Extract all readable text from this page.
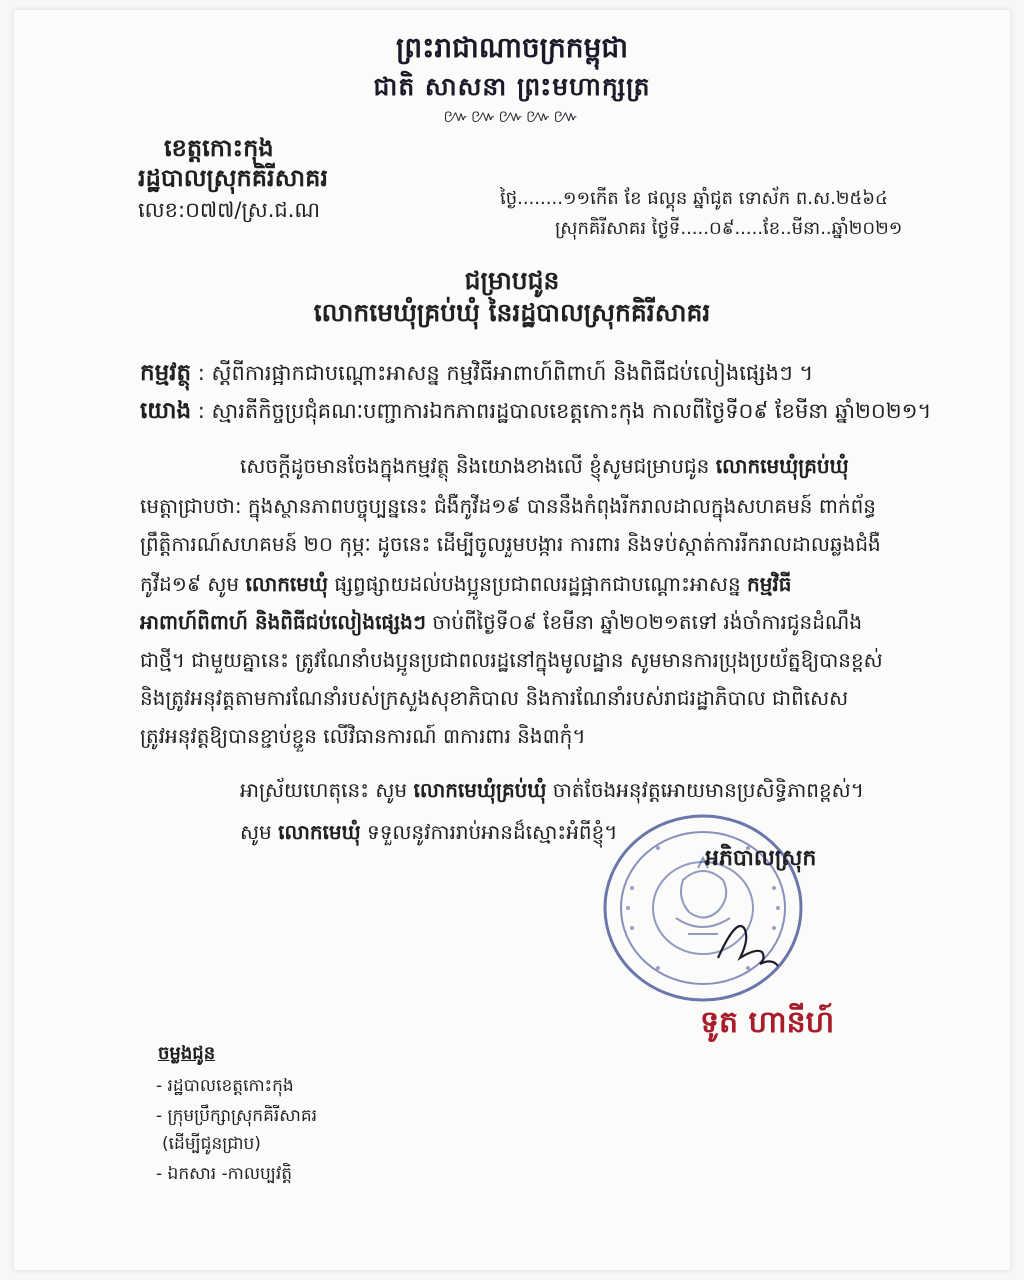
ព្រះរាជាណាចក្រកម្ពុជា
ជាតិ សាសនា ព្រះមហាក្សត្រ
៚៚៚៚៚
ខេត្តកោះកុង
រដ្ឋបាលស្រុកគិរីសាគរ
លេខ:០៧៧/ស្រ.ជ.ណ	ថ្ងៃ........១១កេីត ខែ ផល្គុន ឆ្នាំជូត ទោស័ក ព.ស.២៥៦៤
ស្រុកគិរីសាគរ ថ្ងៃទី.....០៩.....ខែ..មីនា..ឆ្នាំ២០២១
ជម្រាបជូន
លោកមេឃុំគ្រប់ឃុំ នៃរដ្ឋបាលស្រុកគិរីសាគរ
កម្មវត្ថុ : ស្តីពីការផ្អាកជាបណ្តោះអាសន្ន កម្មវិធីអាពាហ៍ពិពាហ៍ និងពិធីជប់លៀងផ្សេងៗ ។
យោង : ស្មារតីកិច្ចប្រជុំគណៈបញ្ជាការឯកភាពរដ្ឋបាលខេត្តកោះកុង កាលពីថ្ងៃទី០៩ ខែមីនា ឆ្នាំ២០២១។
សេចក្តីដូចមានចែងក្នុងកម្មវត្ថុ និងយោងខាងលើ ខ្ញុំសូមជម្រាបជូន លោកមេឃុំគ្រប់ឃុំ
មេត្តាជ្រាបថា: ក្នុងស្ថានភាពបច្ចុប្បន្ននេះ ជំងឺកូវីដ១៩ បាននឹងកំពុងរីករាលដាលក្នុងសហគមន៍ ពាក់ព័ន្ធ
ព្រឹត្តិការណ៍សហគមន៍ ២០ កុម្ភៈ ដូចនេះ ដើម្បីចូលរួមបង្ការ ការពារ និងទប់ស្កាត់ការរីករាលដាលឆ្លងជំងឺ
កូវីដ១៩ សូម លោកមេឃុំ ផ្សព្វផ្សាយដល់បងប្អូនប្រជាពលរដ្ឋផ្អាកជាបណ្តោះអាសន្ន កម្មវិធី
អាពាហ៍ពិពាហ៍ និងពិធីជប់លៀងផ្សេងៗ ចាប់ពីថ្ងៃទី០៩ ខែមីនា ឆ្នាំ២០២១តទៅ រង់ចាំការជូនដំណឹង
ជាថ្មី។ ជាមួយគ្នានេះ ត្រូវណែនាំបងប្អូនប្រជាពលរដ្ឋនៅក្នុងមូលដ្ឋាន សូមមានការប្រុងប្រយ័ត្នឱ្យបានខ្ពស់
និងត្រូវអនុវត្តតាមការណែនាំរបស់ក្រសួងសុខាភិបាល និងការណែនាំរបស់រាជរដ្ឋាភិបាល ជាពិសេស
ត្រូវអនុវត្តឱ្យបានខ្ជាប់ខ្ជួន លើវិធានការណ៍ ៣ការពារ និង៣កុំ។
អាស្រ័យហេតុនេះ សូម លោកមេឃុំគ្រប់ឃុំ ចាត់ចែងអនុវត្តអោយមានប្រសិទ្ធិភាពខ្ពស់។
សូម លោកមេឃុំ ទទួលនូវការរាប់អានដ៏ស្មោះអំពីខ្ញុំ។
អភិបាលស្រុក
ទូត ហានីហ៍
ចម្លងជូន
- រដ្ឋបាលខេត្តកោះកុង
- ក្រុមប្រឹក្សាស្រុកគិរីសាគរ
(ដើម្បីជូនជ្រាប)
- ឯកសារ -កាលប្បវត្តិ
